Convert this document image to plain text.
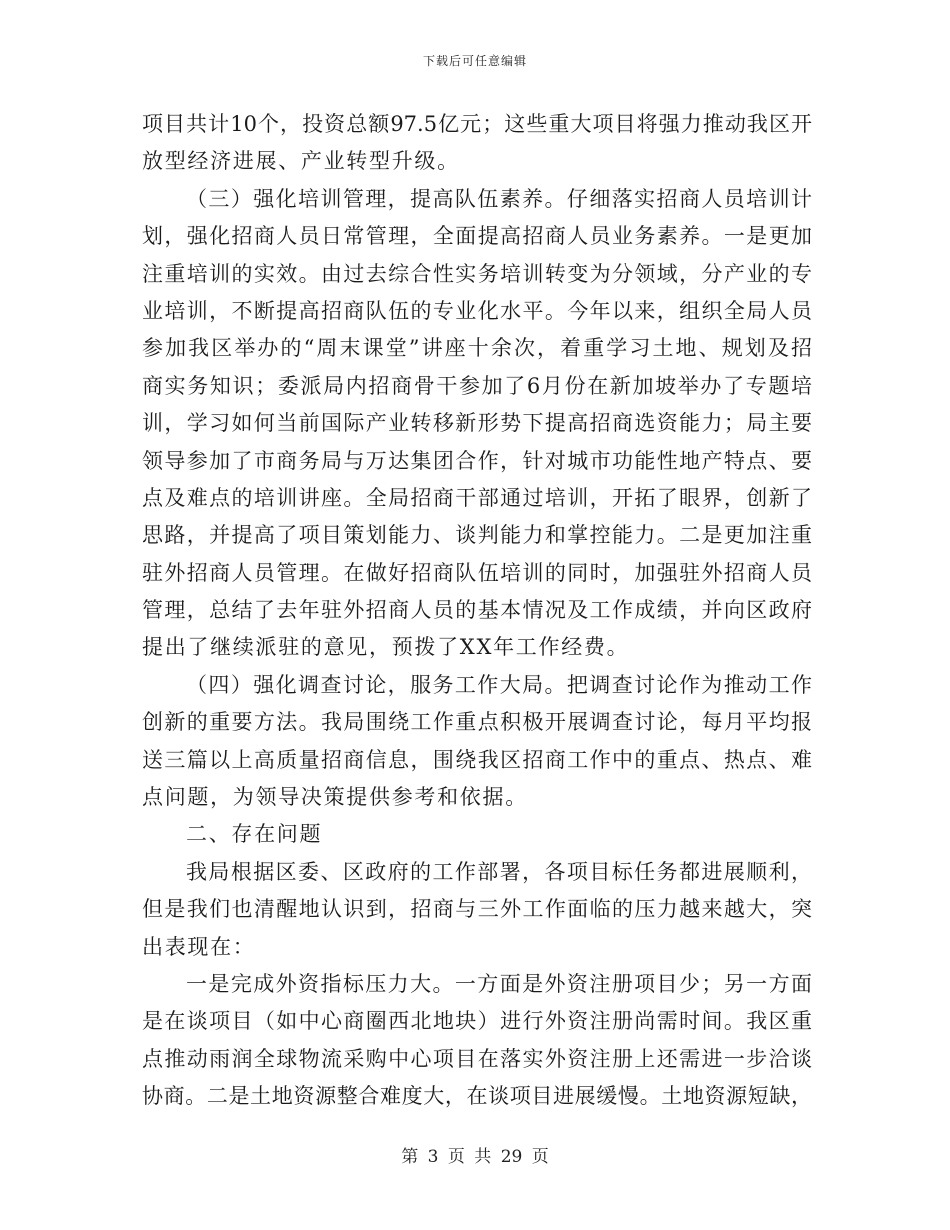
下载后可任意编辑
项目共计10个，投资总额97.5亿元；这些重大项目将强力推动我区开
放型经济进展、产业转型升级。
（三）强化培训管理，提高队伍素养。仔细落实招商人员培训计
划，强化招商人员日常管理，全面提高招商人员业务素养。一是更加
注重培训的实效。由过去综合性实务培训转变为分领域，分产业的专
业培训，不断提高招商队伍的专业化水平。今年以来，组织全局人员
参加我区举办的“周末课堂”讲座十余次，着重学习土地、规划及招
商实务知识；委派局内招商骨干参加了6月份在新加坡举办了专题培
训，学习如何当前国际产业转移新形势下提高招商选资能力；局主要
领导参加了市商务局与万达集团合作，针对城市功能性地产特点、要
点及难点的培训讲座。全局招商干部通过培训，开拓了眼界，创新了
思路，并提高了项目策划能力、谈判能力和掌控能力。二是更加注重
驻外招商人员管理。在做好招商队伍培训的同时，加强驻外招商人员
管理，总结了去年驻外招商人员的基本情况及工作成绩，并向区政府
提出了继续派驻的意见，预拨了XX年工作经费。
（四）强化调查讨论，服务工作大局。把调查讨论作为推动工作
创新的重要方法。我局围绕工作重点积极开展调查讨论，每月平均报
送三篇以上高质量招商信息，围绕我区招商工作中的重点、热点、难
点问题，为领导决策提供参考和依据。
二、存在问题
我局根据区委、区政府的工作部署，各项目标任务都进展顺利，
但是我们也清醒地认识到，招商与三外工作面临的压力越来越大，突
出表现在：
一是完成外资指标压力大。一方面是外资注册项目少；另一方面
是在谈项目（如中心商圈西北地块）进行外资注册尚需时间。我区重
点推动雨润全球物流采购中心项目在落实外资注册上还需进一步洽谈
协商。二是土地资源整合难度大，在谈项目进展缓慢。土地资源短缺，
第 3 页 共 29 页
